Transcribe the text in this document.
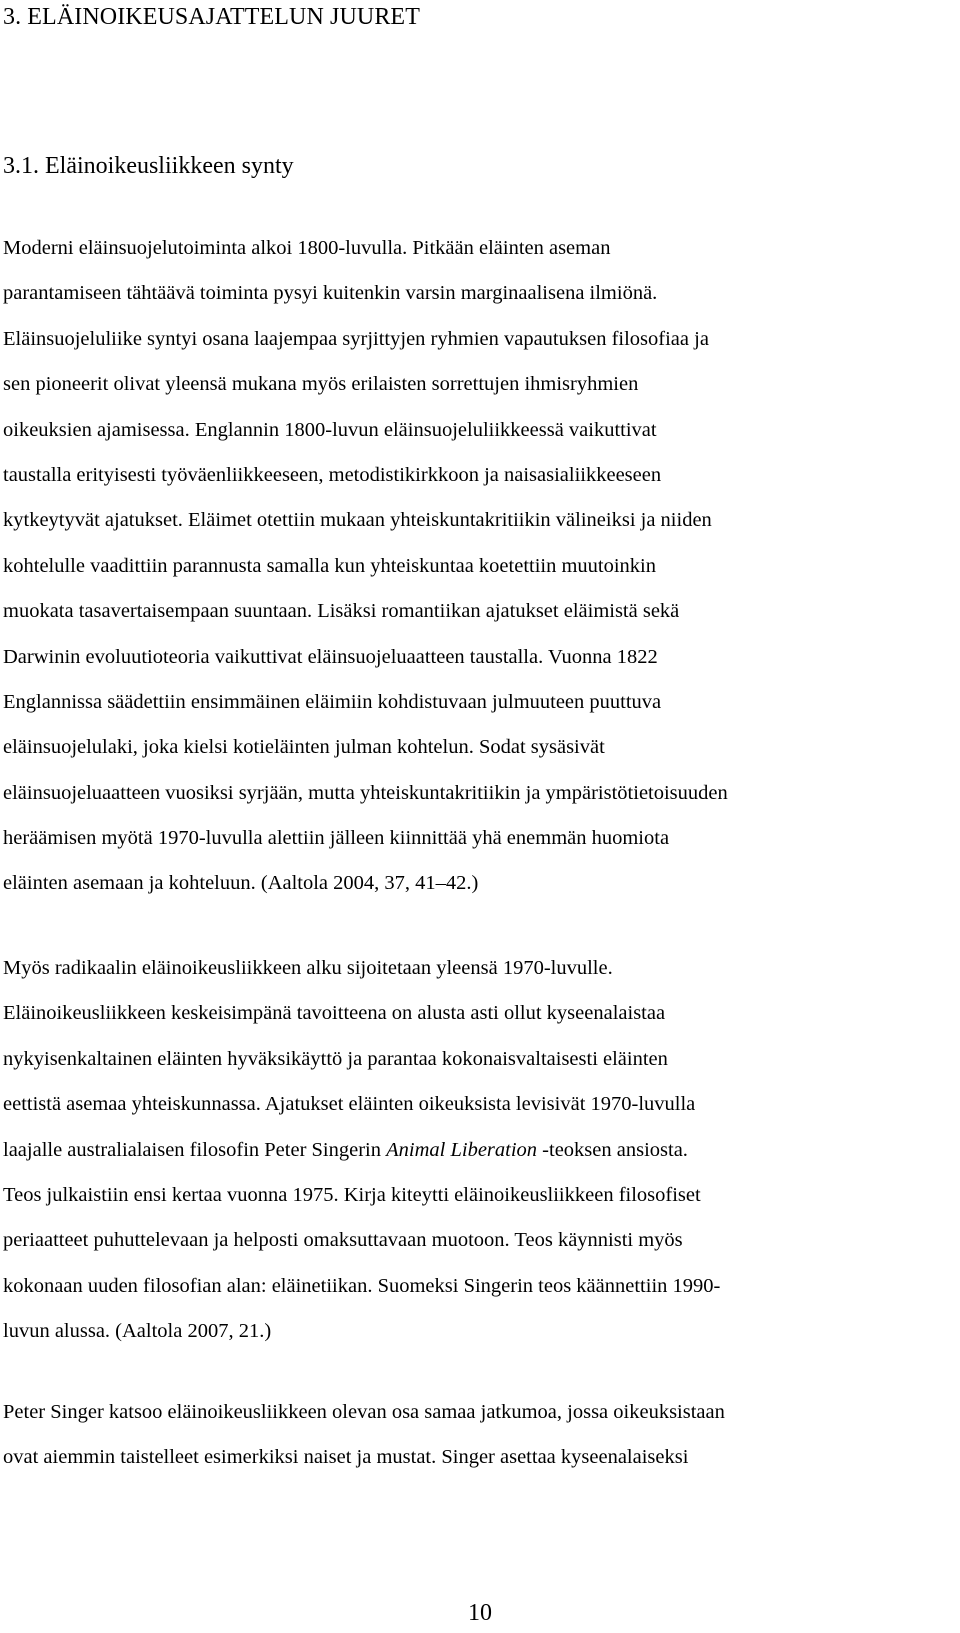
3. ELÄINOIKEUSAJATTELUN JUURET
3.1. Eläinoikeusliikkeen synty

Moderni eläinsuojelutoiminta alkoi 1800-luvulla. Pitkään eläinten aseman
parantamiseen tähtäävä toiminta pysyi kuitenkin varsin marginaalisena ilmiönä.
Eläinsuojeluliike syntyi osana laajempaa syrjittyjen ryhmien vapautuksen filosofiaa ja
sen pioneerit olivat yleensä mukana myös erilaisten sorrettujen ihmisryhmien
oikeuksien ajamisessa. Englannin 1800-luvun eläinsuojeluliikkeessä vaikuttivat
taustalla erityisesti työväenliikkeeseen, metodistikirkkoon ja naisasialiikkeeseen
kytkeytyvät ajatukset. Eläimet otettiin mukaan yhteiskuntakritiikin välineiksi ja niiden
kohtelulle vaadittiin parannusta samalla kun yhteiskuntaa koetettiin muutoinkin
muokata tasavertaisempaan suuntaan. Lisäksi romantiikan ajatukset eläimistä sekä
Darwinin evoluutioteoria vaikuttivat eläinsuojeluaatteen taustalla. Vuonna 1822
Englannissa säädettiin ensimmäinen eläimiin kohdistuvaan julmuuteen puuttuva
eläinsuojelulaki, joka kielsi kotieläinten julman kohtelun. Sodat sysäsivät
eläinsuojeluaatteen vuosiksi syrjään, mutta yhteiskuntakritiikin ja ympäristötietoisuuden
heräämisen myötä 1970-luvulla alettiin jälleen kiinnittää yhä enemmän huomiota
eläinten asemaan ja kohteluun. (Aaltola 2004, 37, 41–42.)

Myös radikaalin eläinoikeusliikkeen alku sijoitetaan yleensä 1970-luvulle.
Eläinoikeusliikkeen keskeisimpänä tavoitteena on alusta asti ollut kyseenalaistaa
nykyisenkaltainen eläinten hyväksikäyttö ja parantaa kokonaisvaltaisesti eläinten
eettistä asemaa yhteiskunnassa. Ajatukset eläinten oikeuksista levisivät 1970-luvulla
laajalle australialaisen filosofin Peter Singerin Animal Liberation -teoksen ansiosta.
Teos julkaistiin ensi kertaa vuonna 1975. Kirja kiteytti eläinoikeusliikkeen filosofiset
periaatteet puhuttelevaan ja helposti omaksuttavaan muotoon. Teos käynnisti myös
kokonaan uuden filosofian alan: eläinetiikan. Suomeksi Singerin teos käännettiin 1990-
luvun alussa. (Aaltola 2007, 21.)

Peter Singer katsoo eläinoikeusliikkeen olevan osa samaa jatkumoa, jossa oikeuksistaan
ovat aiemmin taistelleet esimerkiksi naiset ja mustat. Singer asettaa kyseenalaiseksi

10
